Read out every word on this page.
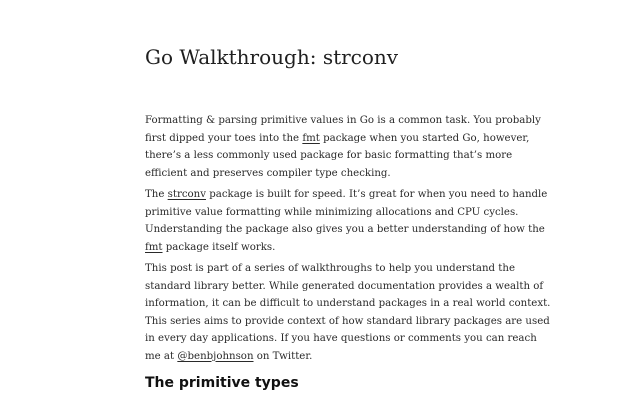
Go Walkthrough: strconv

Formatting & parsing primitive values in Go is a common task. You probably
first dipped your toes into the fmt package when you started Go, however,
there’s a less commonly used package for basic formatting that’s more
efficient and preserves compiler type checking.

The strconv package is built for speed. It’s great for when you need to handle
primitive value formatting while minimizing allocations and CPU cycles.
Understanding the package also gives you a better understanding of how the
fmt package itself works.

This post is part of a series of walkthroughs to help you understand the
standard library better. While generated documentation provides a wealth of
information, it can be difficult to understand packages in a real world context.
This series aims to provide context of how standard library packages are used
in every day applications. If you have questions or comments you can reach
me at @benbjohnson on Twitter.

The primitive types
